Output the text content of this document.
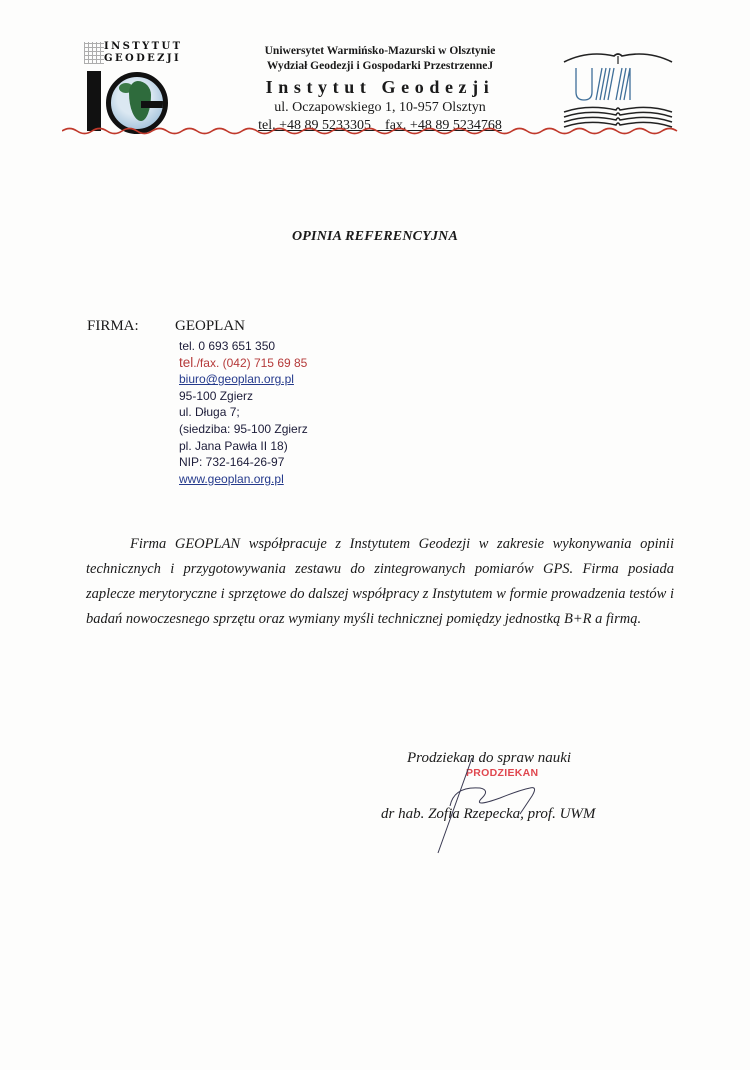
INSTYTUT
GEODEZJI
Uniwersytet Warmińsko-Mazurski w Olsztynie
Wydział Geodezji i Gospodarki PrzestrzenneJ
Instytut Geodezji
ul. Oczapowskiego 1, 10-957 Olsztyn
tel. +48 89 5233305    fax. +48 89 5234768
OPINIA REFERENCYJNA
FIRMA: GEOPLAN
tel. 0 693 651 350
tel./fax. (042) 715 69 85
biuro@geoplan.org.pl
95-100 Zgierz
ul. Długa 7;
(siedziba: 95-100 Zgierz
pl. Jana Pawła II 18)
NIP: 732-164-26-97
www.geoplan.org.pl
Firma GEOPLAN współpracuje z Instytutem Geodezji w zakresie wykonywania opinii technicznych i przygotowywania zestawu do zintegrowanych pomiarów GPS. Firma posiada zaplecze merytoryczne i sprzętowe do dalszej współpracy z Instytutem w formie prowadzenia testów i badań nowoczesnego sprzętu oraz wymiany myśli technicznej pomiędzy jednostką B+R a firmą.
Prodziekan do spraw nauki
PRODZIEKAN
dr hab. Zofia Rzepecka, prof. UWM
